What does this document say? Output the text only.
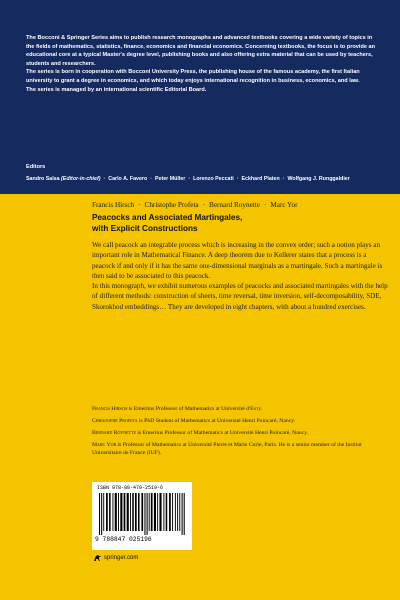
The Bocconi & Springer Series aims to publish research monographs and advanced textbooks covering a wide variety of topics in the fields of mathematics, statistics, finance, economics and financial economics. Concerning textbooks, the focus is to provide an educational core at a typical Master's degree level, publishing books and also offering extra material that can be used by teachers, students and researchers.

The series is born in cooperation with Bocconi University Press, the publishing house of the famous academy, the first Italian university to grant a degree in economics, and which today enjoys international recognition in business, economics, and law.

The series is managed by an international scientific Editorial Board.

Editors
Sandro Salsa (Editor-in-chief) · Carlo A. Favero · Peter Müller · Lorenzo Peccati · Eckhard Platen · Wolfgang J. Runggaldier
Francis Hirsch · Christophe Profeta · Bernard Roynette · Marc Yor
Peacocks and Associated Martingales,
with Explicit Constructions

We call peacock an integrable process which is increasing in the convex order; such a notion plays an important role in Mathematical Finance. A deep theorem due to Kellerer states that a process is a peacock if and only if it has the same one-dimensional marginals as a martingale. Such a martingale is then said to be associated to this peacock.

In this monograph, we exhibit numerous examples of peacocks and associated martingales with the help of different methods: construction of sheets, time reversal, time inversion, self-decomposability, SDE, Skorokhod embeddings… They are developed in eight chapters, with about a hundred exercises.

Francis Hirsch is Emeritus Professor of Mathematics at Université d'Evry.

Christophe Profeta is PhD Student of Mathematics at Université Henri Poincaré, Nancy.

Bernard Roynette is Emeritus Professor of Mathematics at Université Henri Poincaré, Nancy.

Marc Yor is Professor of Mathematics at Université Pierre et Marie Curie, Paris. He is a senior member of the Institut Universitaire de France (IUF).

ISBN 978-88-470-2519-6
9 788847 025196
springer.com
